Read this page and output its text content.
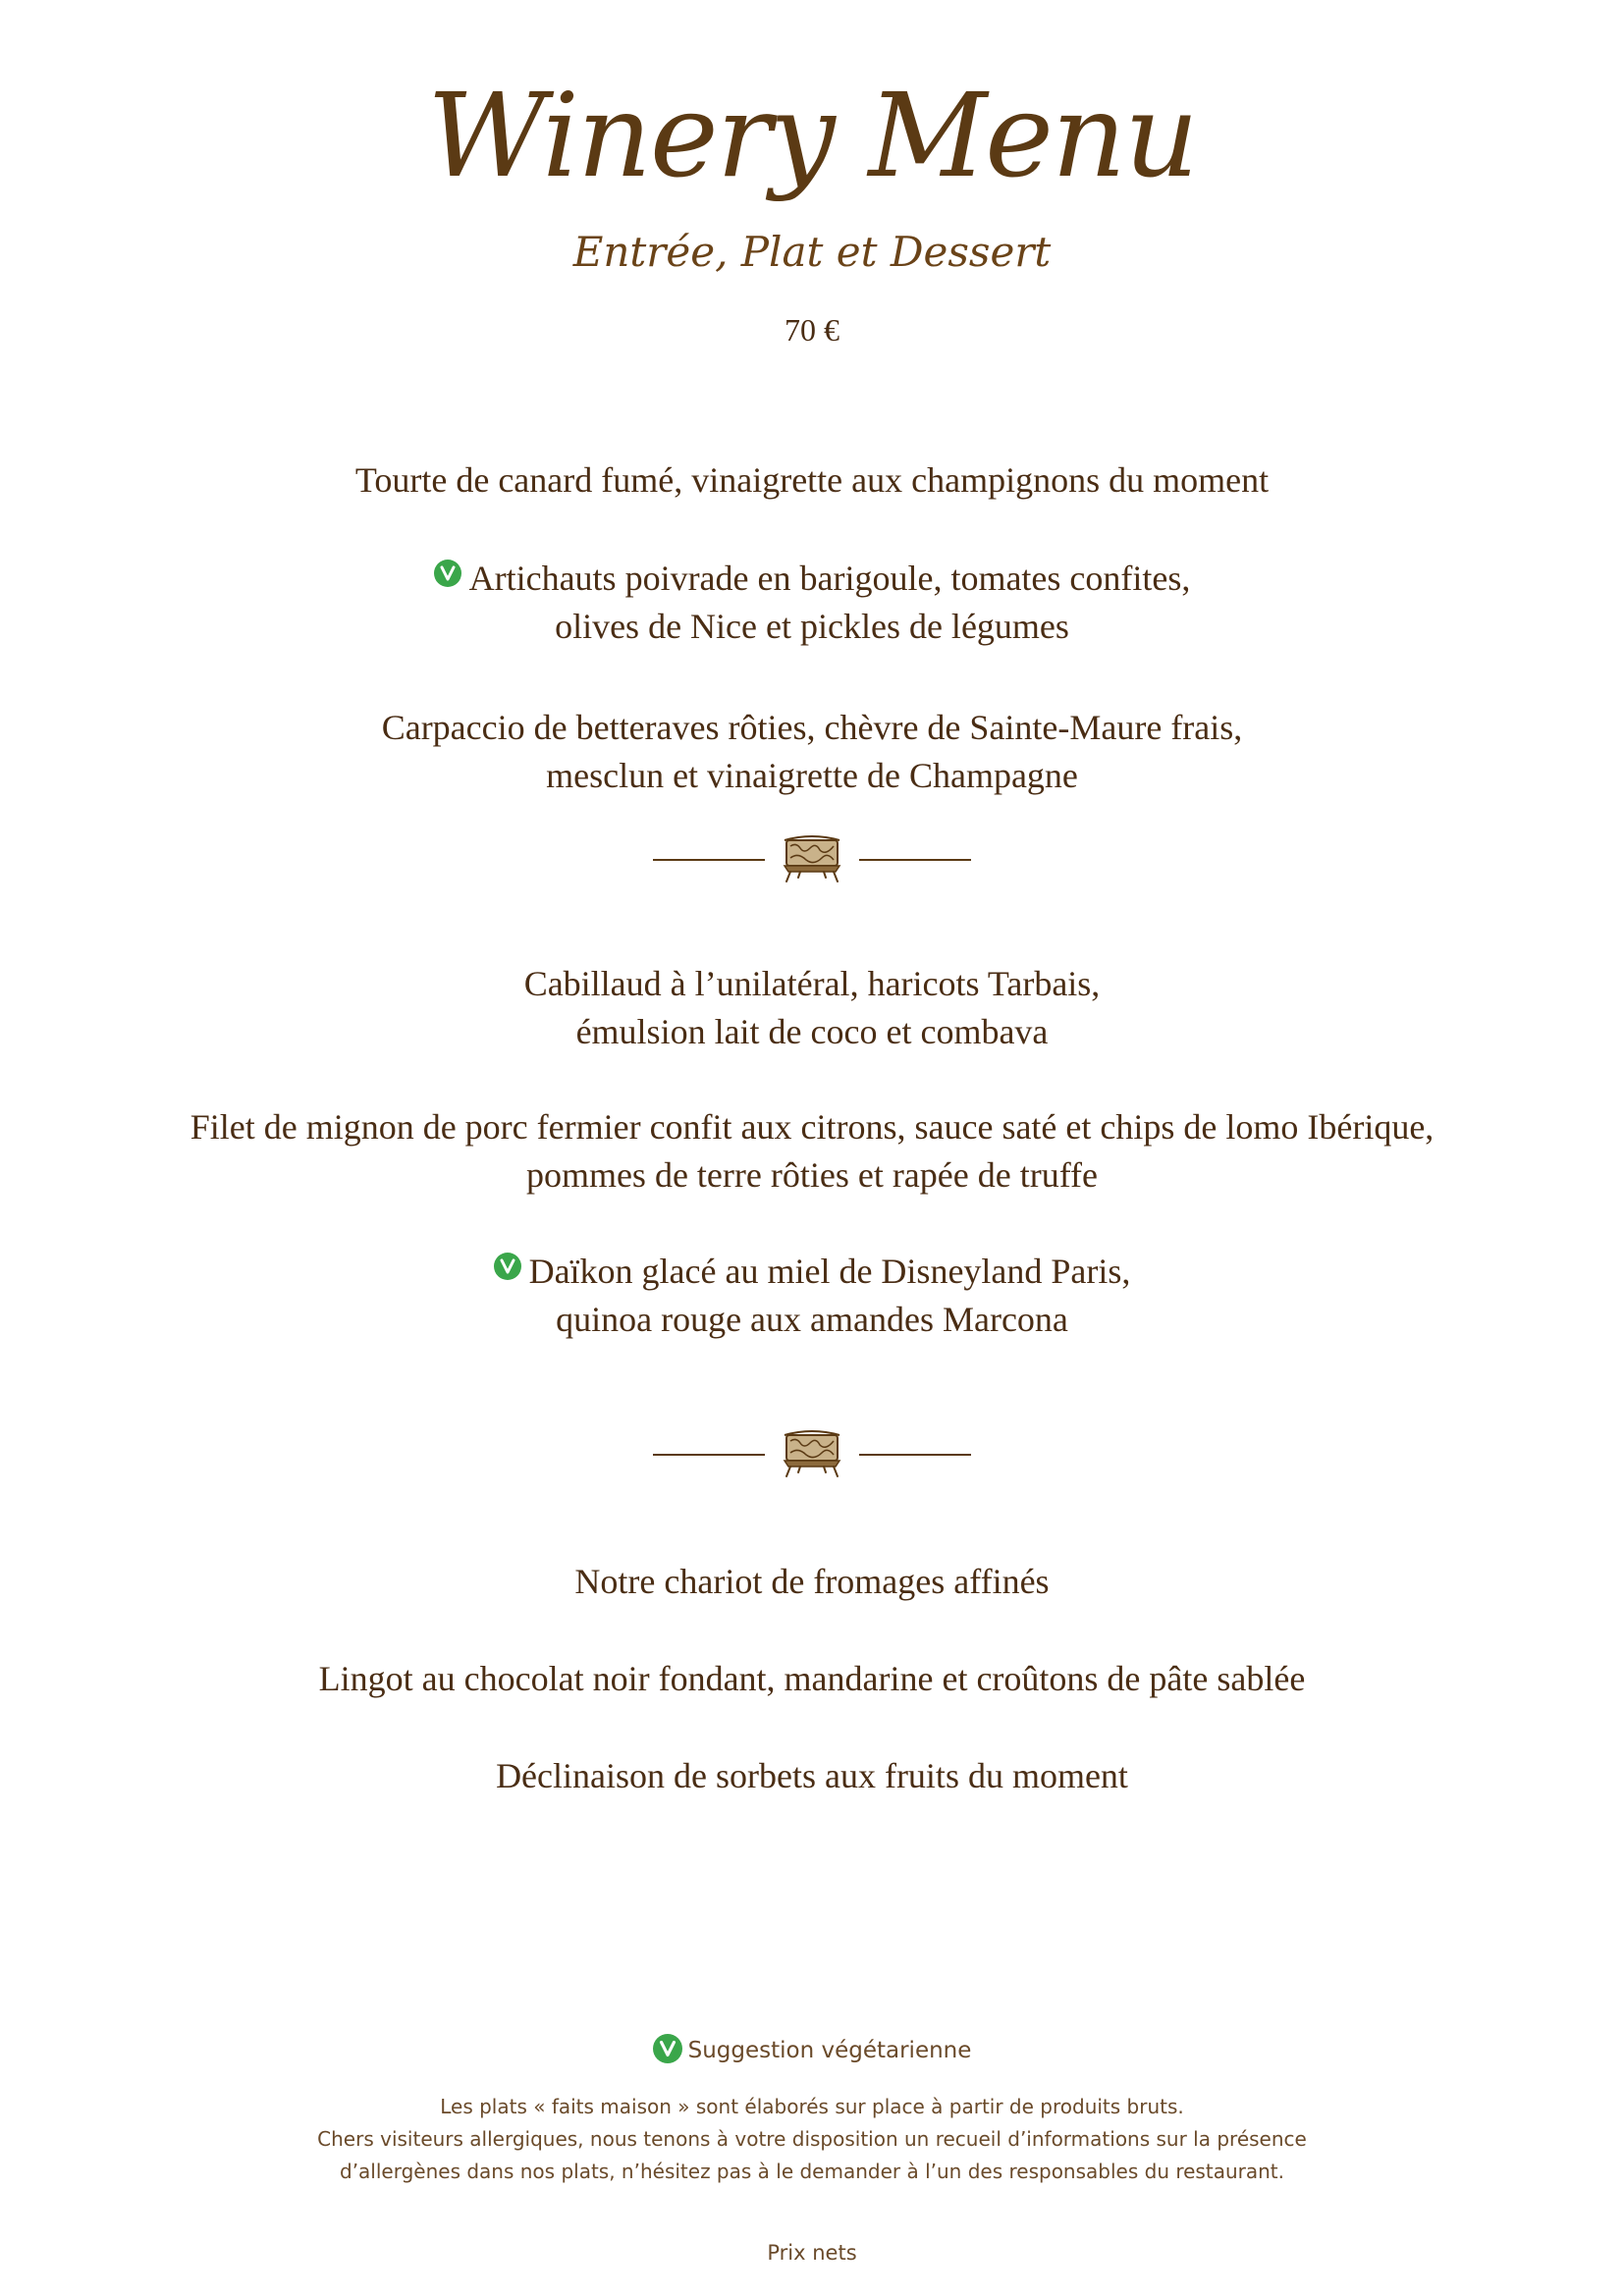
Winery Menu
Entrée, Plat et Dessert
70 €
Tourte de canard fumé, vinaigrette aux champignons du moment
Artichauts poivrade en barigoule, tomates confites,
olives de Nice et pickles de légumes
Carpaccio de betteraves rôties, chèvre de Sainte-Maure frais,
mesclun et vinaigrette de Champagne
Cabillaud à l’unilatéral, haricots Tarbais,
émulsion lait de coco et combava
Filet de mignon de porc fermier confit aux citrons, sauce saté et chips de lomo Ibérique,
pommes de terre rôties et rapée de truffe
Daïkon glacé au miel de Disneyland Paris,
quinoa rouge aux amandes Marcona
Notre chariot de fromages affinés
Lingot au chocolat noir fondant, mandarine et croûtons de pâte sablée
Déclinaison de sorbets aux fruits du moment
Suggestion végétarienne
Les plats « faits maison » sont élaborés sur place à partir de produits bruts.
Chers visiteurs allergiques, nous tenons à votre disposition un recueil d’informations sur la présence
d’allergènes dans nos plats, n’hésitez pas à le demander à l’un des responsables du restaurant.
Prix nets
